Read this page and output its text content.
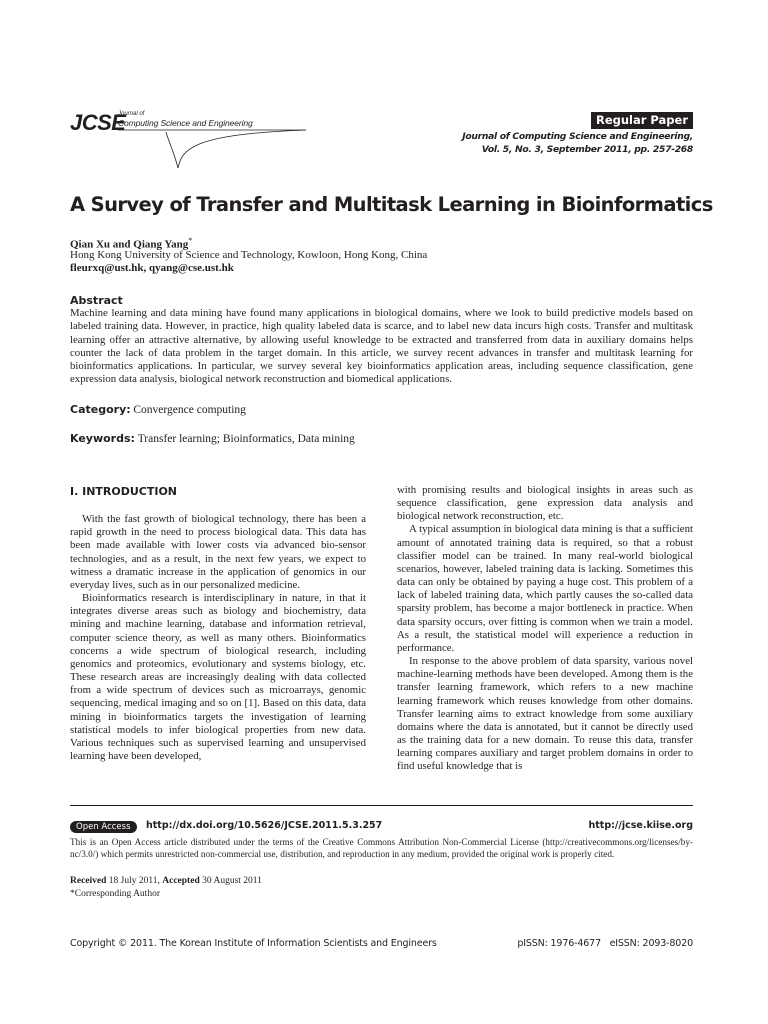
JCSE
Journal of
Computing Science and Engineering	Regular Paper
Journal of Computing Science and Engineering,
Vol. 5, No. 3, September 2011, pp. 257-268
A Survey of Transfer and Multitask Learning in Bioinformatics
Qian Xu and Qiang Yang*
Hong Kong University of Science and Technology, Kowloon, Hong Kong, China
fleurxq@ust.hk, qyang@cse.ust.hk
Abstract
Machine learning and data mining have found many applications in biological domains, where we look to build predictive models based on labeled training data. However, in practice, high quality labeled data is scarce, and to label new data incurs high costs. Transfer and multitask learning offer an attractive alternative, by allowing useful knowledge to be extracted and transferred from data in auxiliary domains helps counter the lack of data problem in the target domain. In this article, we survey recent advances in transfer and multitask learning for bioinformatics applications. In particular, we survey several key bioinformatics application areas, including sequence classification, gene expression data analysis, biological network reconstruction and biomedical applications.
Category: Convergence computing
Keywords: Transfer learning; Bioinformatics, Data mining

I. INTRODUCTION

With the fast growth of biological technology, there has been a rapid growth in the need to process biological data. This data has been made available with lower costs via advanced bio-sensor technologies, and as a result, in the next few years, we expect to witness a dramatic increase in the application of genomics in our everyday lives, such as in our personalized medicine.

Bioinformatics research is interdisciplinary in nature, in that it integrates diverse areas such as biology and biochemistry, data mining and machine learning, database and information retrieval, computer science theory, as well as many others. Bioinformatics concerns a wide spectrum of biological research, including genomics and proteomics, evolutionary and systems biology, etc. These research areas are increasingly dealing with data collected from a wide spectrum of devices such as microarrays, genomic sequencing, medical imaging and so on [1]. Based on this data, data mining in bioinformatics targets the investigation of learning statistical models to infer biological properties from new data. Various techniques such as supervised learning and unsupervised learning have been developed,

with promising results and biological insights in areas such as sequence classification, gene expression data analysis and biological network reconstruction, etc.

A typical assumption in biological data mining is that a sufficient amount of annotated training data is required, so that a robust classifier model can be trained. In many real-world biological scenarios, however, labeled training data is lacking. Sometimes this data can only be obtained by paying a huge cost. This problem of a lack of labeled training data, which partly causes the so-called data sparsity problem, has become a major bottleneck in practice. When data sparsity occurs, over fitting is common when we train a model. As a result, the statistical model will experience a reduction in performance.

In response to the above problem of data sparsity, various novel machine-learning methods have been developed. Among them is the transfer learning framework, which refers to a new machine learning framework which reuses knowledge from other domains. Transfer learning aims to extract knowledge from some auxiliary domains where the data is annotated, but it cannot be directly used as the training data for a new domain. To reuse this data, transfer learning compares auxiliary and target problem domains in order to find useful knowledge that is

Open Access	http://dx.doi.org/10.5626/JCSE.2011.5.3.257	http://jcse.kiise.org
This is an Open Access article distributed under the terms of the Creative Commons Attribution Non-Commercial License (http://creativecommons.org/licenses/by-nc/3.0/) which permits unrestricted non-commercial use, distribution, and reproduction in any medium, provided the original work is properly cited.
Received 18 July 2011, Accepted 30 August 2011
*Corresponding Author
Copyright © 2011. The Korean Institute of Information Scientists and Engineers	pISSN: 1976-4677   eISSN: 2093-8020
